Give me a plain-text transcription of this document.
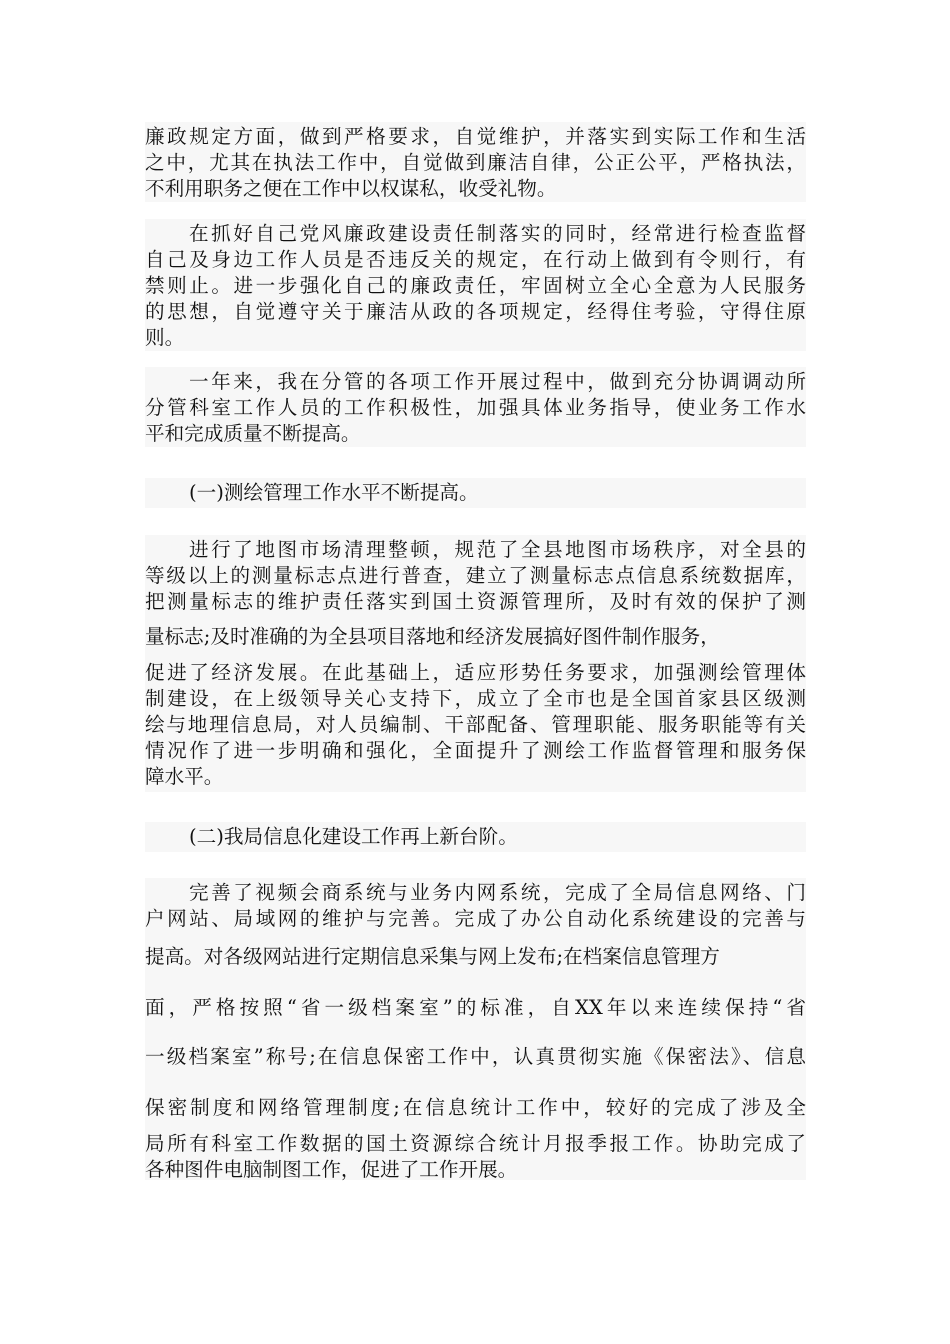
廉政规定方面，做到严格要求，自觉维护，并落实到实际工作和生活
之中，尤其在执法工作中，自觉做到廉洁自律，公正公平，严格执法，
不利用职务之便在工作中以权谋私，收受礼物。
在抓好自己党风廉政建设责任制落实的同时，经常进行检查监督
自己及身边工作人员是否违反关的规定，在行动上做到有令则行，有
禁则止。进一步强化自己的廉政责任，牢固树立全心全意为人民服务
的思想，自觉遵守关于廉洁从政的各项规定，经得住考验，守得住原
则。
一年来，我在分管的各项工作开展过程中，做到充分协调调动所
分管科室工作人员的工作积极性，加强具体业务指导，使业务工作水
平和完成质量不断提高。
(一)测绘管理工作水平不断提高。
进行了地图市场清理整顿，规范了全县地图市场秩序，对全县的
等级以上的测量标志点进行普查，建立了测量标志点信息系统数据库，
把测量标志的维护责任落实到国土资源管理所，及时有效的保护了测
量标志;及时准确的为全县项目落地和经济发展搞好图件制作服务，
促进了经济发展。在此基础上，适应形势任务要求，加强测绘管理体
制建设，在上级领导关心支持下，成立了全市也是全国首家县区级测
绘与地理信息局，对人员编制、干部配备、管理职能、服务职能等有关
情况作了进一步明确和强化，全面提升了测绘工作监督管理和服务保
障水平。
(二)我局信息化建设工作再上新台阶。
完善了视频会商系统与业务内网系统，完成了全局信息网络、门
户网站、局域网的维护与完善。完成了办公自动化系统建设的完善与
提高。对各级网站进行定期信息采集与网上发布;在档案信息管理方
面，严格按照“省一级档案室”的标准，自XX年以来连续保持“省
一级档案室”称号;在信息保密工作中，认真贯彻实施《保密法》、信息
保密制度和网络管理制度;在信息统计工作中，较好的完成了涉及全
局所有科室工作数据的国土资源综合统计月报季报工作。协助完成了
各种图件电脑制图工作，促进了工作开展。
